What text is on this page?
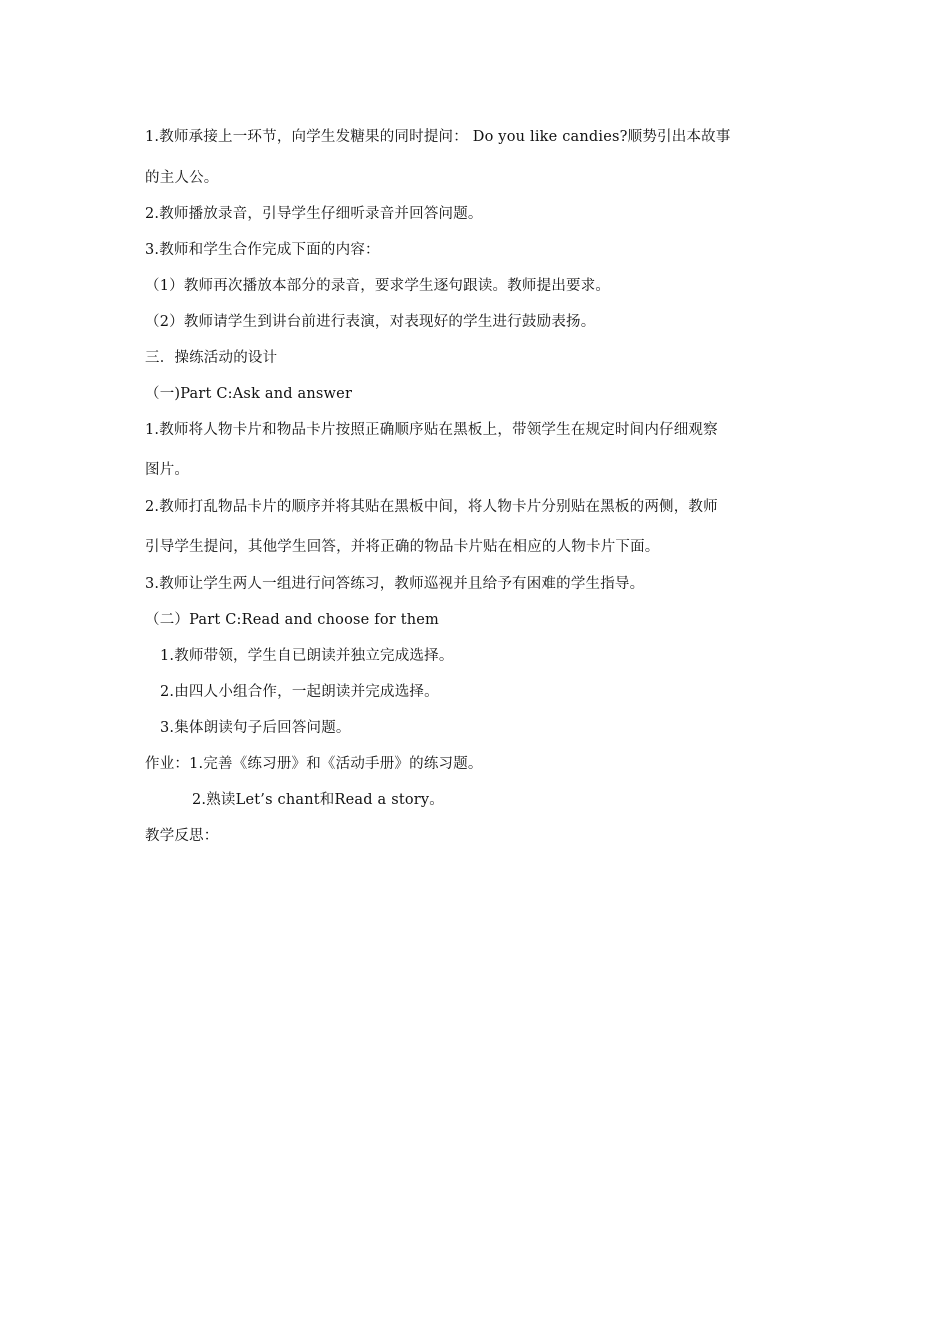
1.教师承接上一环节，向学生发糖果的同时提问： Do you like candies?顺势引出本故事
的主人公。
2.教师播放录音，引导学生仔细听录音并回答问题。
3.教师和学生合作完成下面的内容：
（1）教师再次播放本部分的录音，要求学生逐句跟读。教师提出要求。
（2）教师请学生到讲台前进行表演，对表现好的学生进行鼓励表扬。
三．操练活动的设计
（一)Part C:Ask and answer
1.教师将人物卡片和物品卡片按照正确顺序贴在黑板上，带领学生在规定时间内仔细观察
图片。
2.教师打乱物品卡片的顺序并将其贴在黑板中间，将人物卡片分别贴在黑板的两侧，教师
引导学生提问，其他学生回答，并将正确的物品卡片贴在相应的人物卡片下面。
3.教师让学生两人一组进行问答练习，教师巡视并且给予有困难的学生指导。
（二）Part C:Read and choose for them
1.教师带领，学生自已朗读并独立完成选择。
2.由四人小组合作，一起朗读并完成选择。
3.集体朗读句子后回答问题。
作业：1.完善《练习册》和《活动手册》的练习题。
2.熟读Let’s chant和Read a story。
教学反思：
